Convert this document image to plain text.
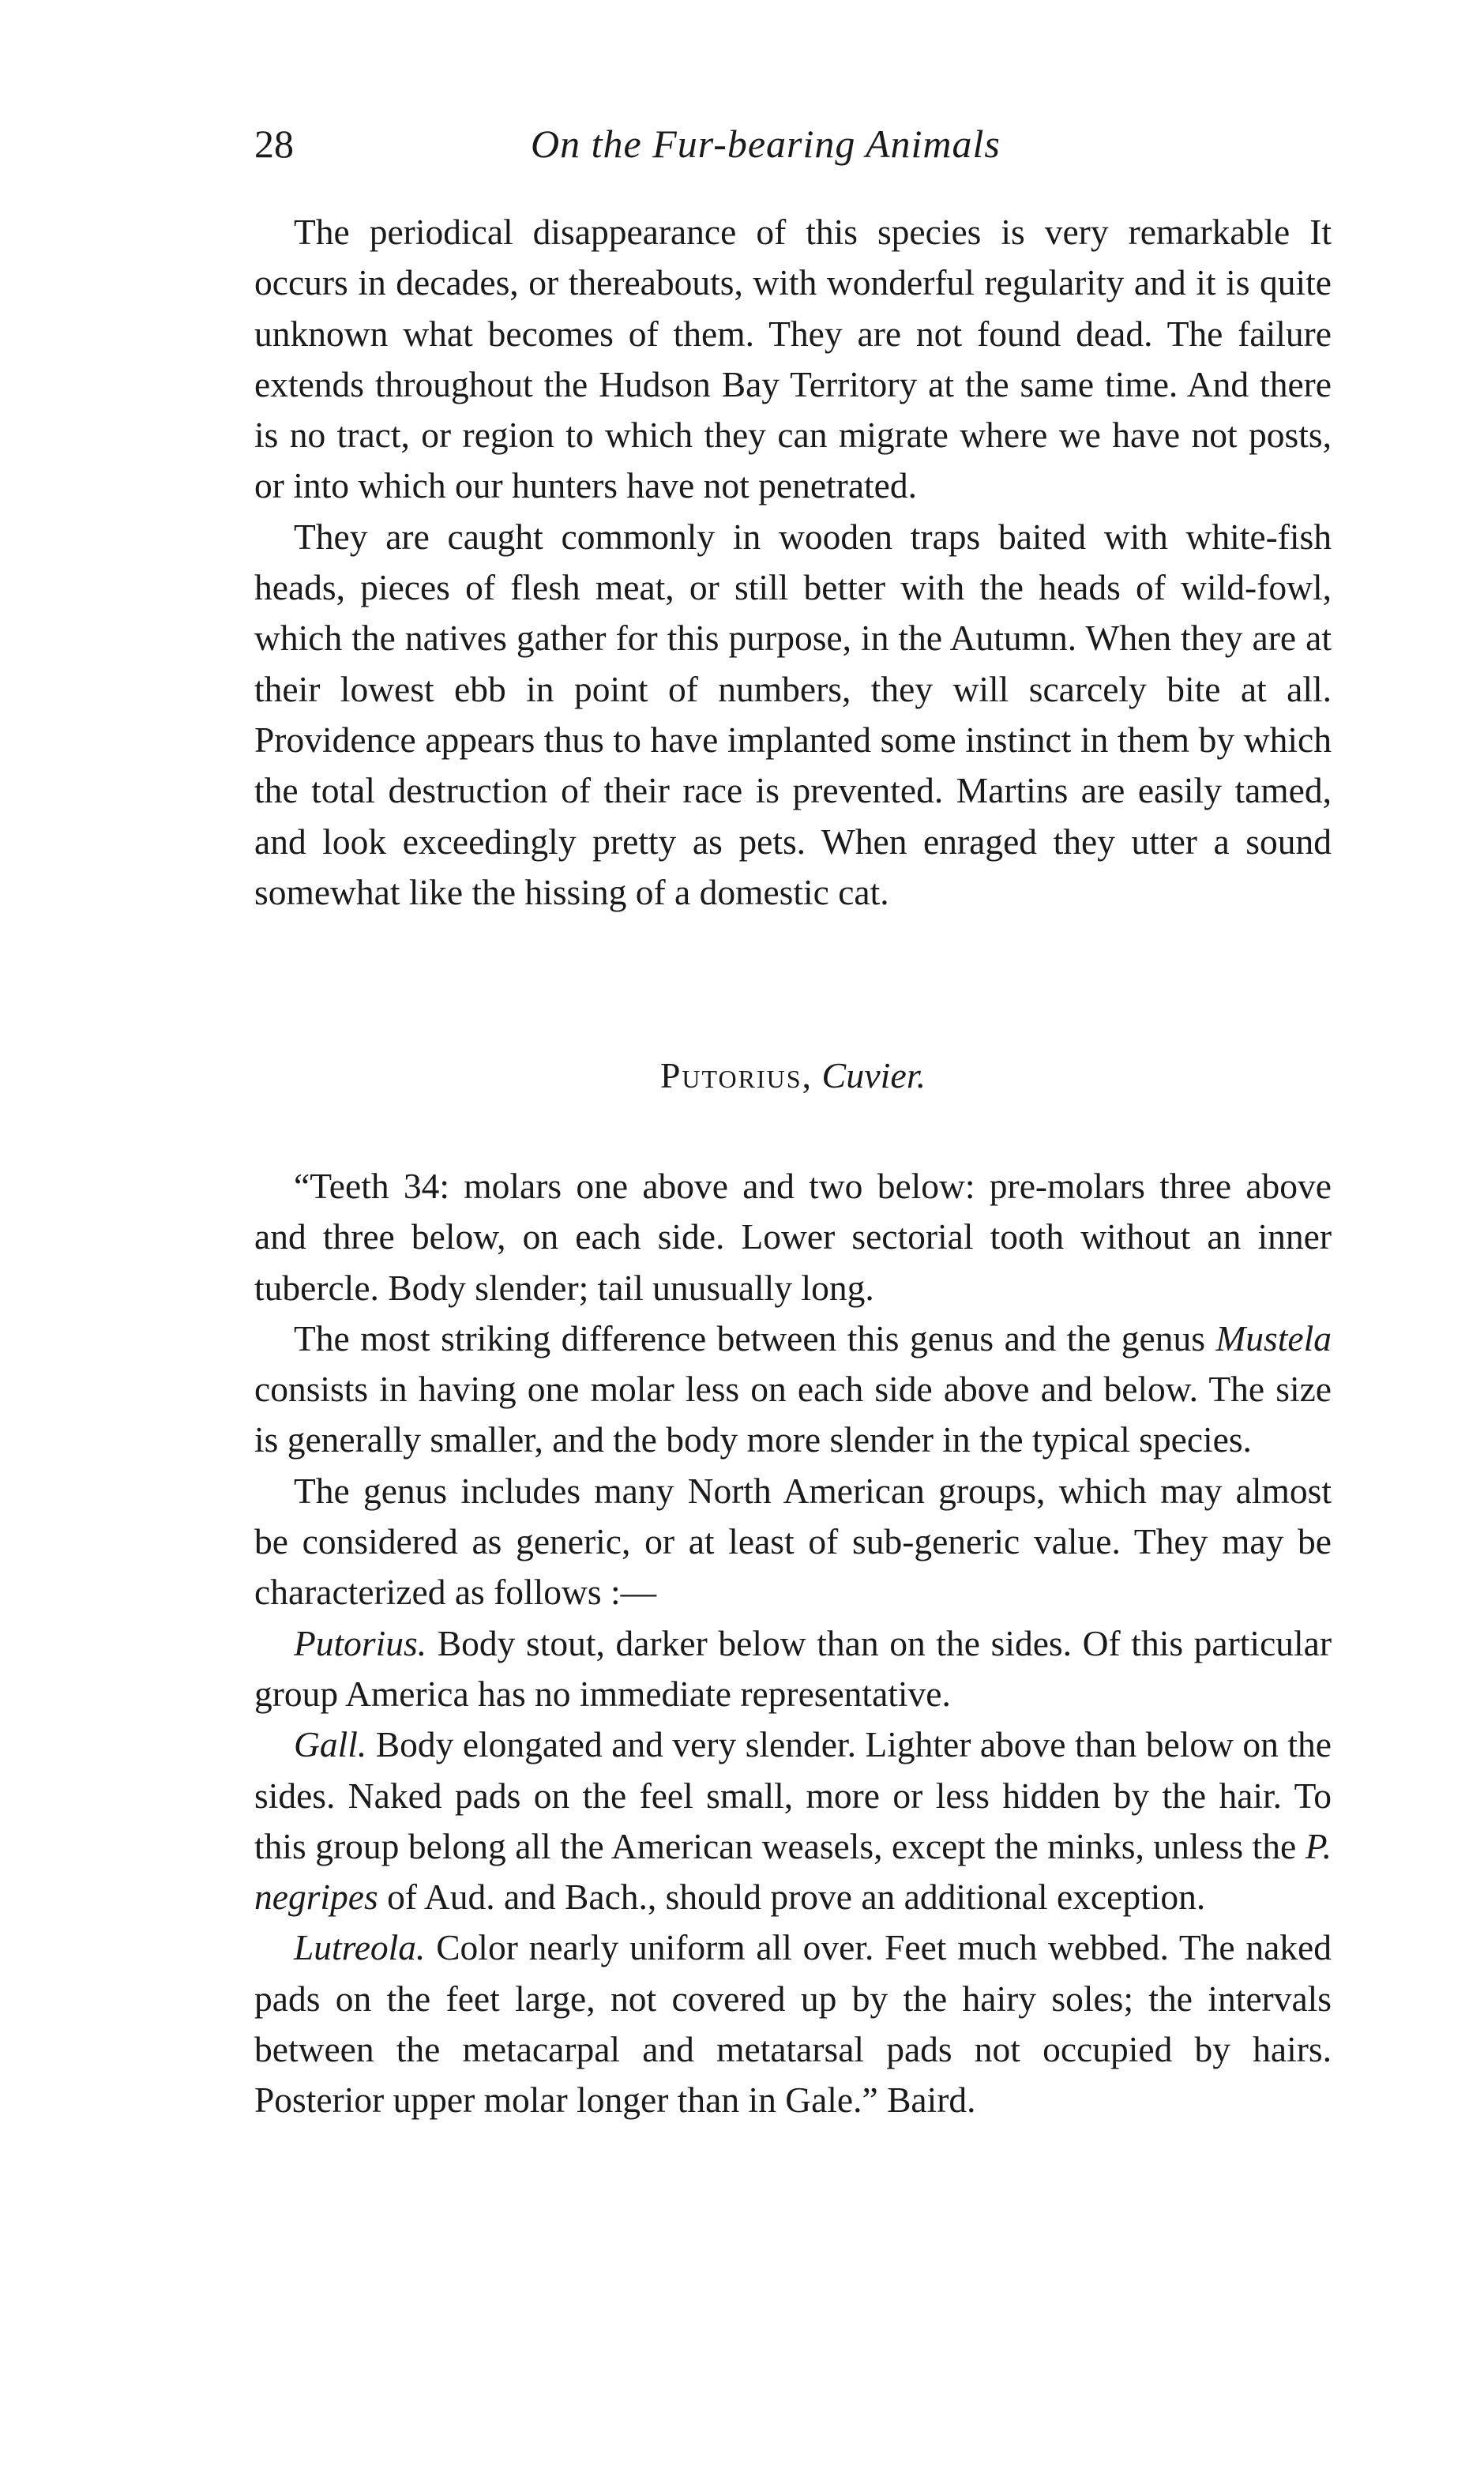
28	On the Fur-bearing Animals

The periodical disappearance of this species is very remarkable It occurs in decades, or thereabouts, with wonderful regularity and it is quite unknown what becomes of them. They are not found dead. The failure extends throughout the Hudson Bay Territory at the same time. And there is no tract, or region to which they can migrate where we have not posts, or into which our hunters have not penetrated.

They are caught commonly in wooden traps baited with white-fish heads, pieces of flesh meat, or still better with the heads of wild-fowl, which the natives gather for this purpose, in the Autumn. When they are at their lowest ebb in point of numbers, they will scarcely bite at all. Providence appears thus to have implanted some instinct in them by which the total destruction of their race is prevented. Martins are easily tamed, and look exceedingly pretty as pets. When enraged they utter a sound somewhat like the hissing of a domestic cat.

Putorius, Cuvier.

“Teeth 34: molars one above and two below: pre-molars three above and three below, on each side. Lower sectorial tooth without an inner tubercle. Body slender; tail unusually long.

The most striking difference between this genus and the genus Mustela consists in having one molar less on each side above and below. The size is generally smaller, and the body more slender in the typical species.

The genus includes many North American groups, which may almost be considered as generic, or at least of sub-generic value. They may be characterized as follows :—

Putorius. Body stout, darker below than on the sides. Of this particular group America has no immediate representative.

Gall. Body elongated and very slender. Lighter above than below on the sides. Naked pads on the feel small, more or less hidden by the hair. To this group belong all the American weasels, except the minks, unless the P. negripes of Aud. and Bach., should prove an additional exception.

Lutreola. Color nearly uniform all over. Feet much webbed. The naked pads on the feet large, not covered up by the hairy soles; the intervals between the metacarpal and metatarsal pads not occupied by hairs. Posterior upper molar longer than in Gale.” Baird.
